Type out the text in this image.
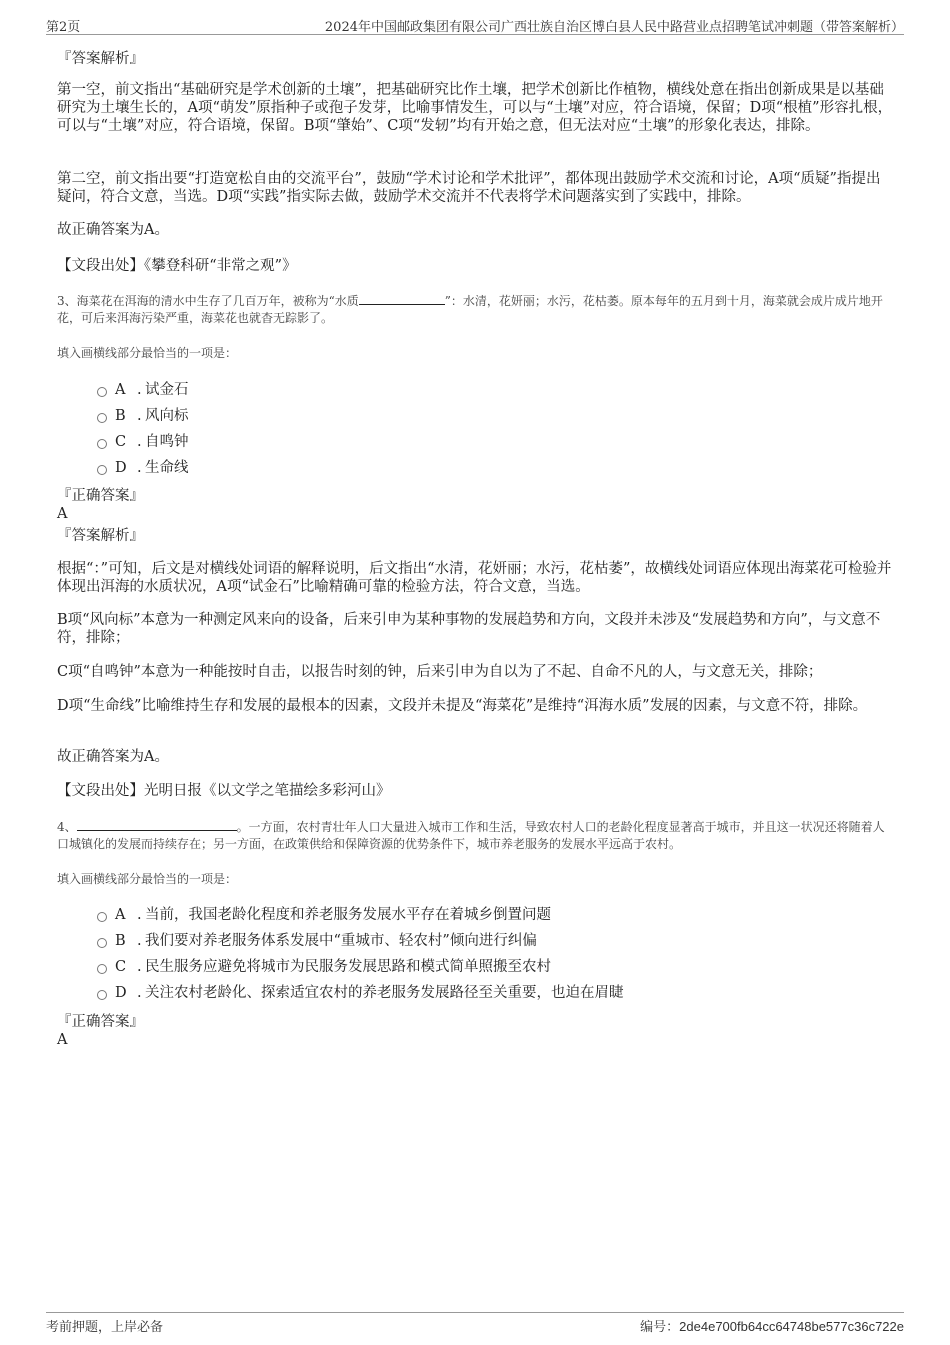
第2页	2024年中国邮政集团有限公司广西壮族自治区博白县人民中路营业点招聘笔试冲刺题（带答案解析）

『答案解析』

第一空，前文指出“基础研究是学术创新的土壤”，把基础研究比作土壤，把学术创新比作植物，横线处意在指出创新成果是以基础研究为土壤生长的，A项“萌发”原指种子或孢子发芽，比喻事情发生，可以与“土壤”对应，符合语境，保留；D项“根植”形容扎根，可以与“土壤”对应，符合语境，保留。B项“肇始”、C项“发轫”均有开始之意，但无法对应“土壤”的形象化表达，排除。

第二空，前文指出要“打造宽松自由的交流平台”，鼓励“学术讨论和学术批评”，都体现出鼓励学术交流和讨论，A项“质疑”指提出疑问，符合文意，当选。D项“实践”指实际去做，鼓励学术交流并不代表将学术问题落实到了实践中，排除。

故正确答案为A。

【文段出处】《攀登科研“非常之观”》

3、海菜花在洱海的清水中生存了几百万年，被称为“水质	”：水清，花妍丽；水污，花枯萎。原本每年的五月到十月，海菜就会成片成片地开花，可后来洱海污染严重，海菜花也就杳无踪影了。

填入画横线部分最恰当的一项是：

A . 试金石
B . 风向标
C . 自鸣钟
D . 生命线

『正确答案』

A

『答案解析』

根据“：”可知，后文是对横线处词语的解释说明，后文指出“水清，花妍丽；水污，花枯萎”，故横线处词语应体现出海菜花可检验并体现出洱海的水质状况，A项“试金石”比喻精确可靠的检验方法，符合文意，当选。

B项“风向标”本意为一种测定风来向的设备，后来引申为某种事物的发展趋势和方向，文段并未涉及“发展趋势和方向”，与文意不符，排除；

C项“自鸣钟”本意为一种能按时自击，以报告时刻的钟，后来引申为自以为了不起、自命不凡的人，与文意无关，排除；

D项“生命线”比喻维持生存和发展的最根本的因素，文段并未提及“海菜花”是维持“洱海水质”发展的因素，与文意不符，排除。

故正确答案为A。

【文段出处】光明日报《以文学之笔描绘多彩河山》

4、	。一方面，农村青壮年人口大量进入城市工作和生活，导致农村人口的老龄化程度显著高于城市，并且这一状况还将随着人口城镇化的发展而持续存在；另一方面，在政策供给和保障资源的优势条件下，城市养老服务的发展水平远高于农村。

填入画横线部分最恰当的一项是：

A . 当前，我国老龄化程度和养老服务发展水平存在着城乡倒置问题
B . 我们要对养老服务体系发展中“重城市、轻农村”倾向进行纠偏
C . 民生服务应避免将城市为民服务发展思路和模式简单照搬至农村
D . 关注农村老龄化、探索适宜农村的养老服务发展路径至关重要，也迫在眉睫

『正确答案』

A

考前押题，上岸必备	编号：2de4e700fb64cc64748be577c36c722e
